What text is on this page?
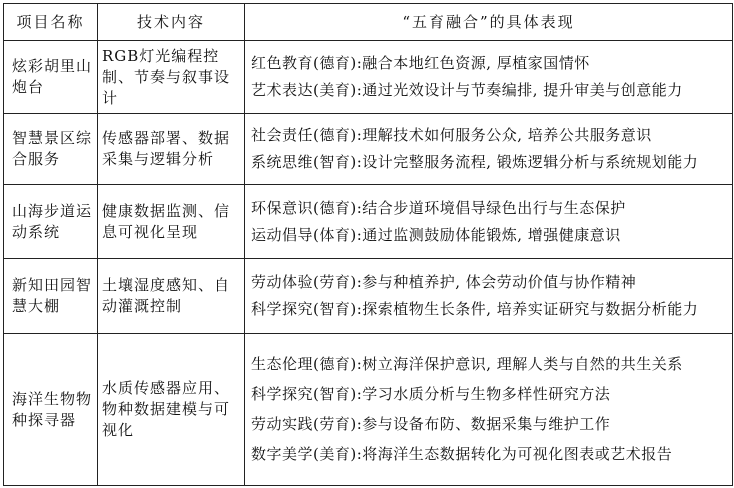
项目名称	技术内容	“五育融合”的具体表现
炫彩胡里山炮台	RGB灯光编程控制、节奏与叙事设计	红色教育(德育):融合本地红色资源, 厚植家国情怀
艺术表达(美育):通过光效设计与节奏编排, 提升审美与创意能力

智慧景区综合服务	传感器部署、数据采集与逻辑分析	社会责任(德育):理解技术如何服务公众, 培养公共服务意识
系统思维(智育):设计完整服务流程, 锻炼逻辑分析与系统规划能力

山海步道运动系统	健康数据监测、信息可视化呈现	环保意识(德育):结合步道环境倡导绿色出行与生态保护
运动倡导(体育):通过监测鼓励体能锻炼, 增强健康意识

新知田园智慧大棚	土壤湿度感知、自动灌溉控制	劳动体验(劳育):参与种植养护, 体会劳动价值与协作精神
科学探究(智育):探索植物生长条件, 培养实证研究与数据分析能力

海洋生物物种探寻器	水质传感器应用、物种数据建模与可视化	生态伦理(德育):树立海洋保护意识, 理解人类与自然的共生关系
科学探究(智育):学习水质分析与生物多样性研究方法
劳动实践(劳育):参与设备布防、数据采集与维护工作
数字美学(美育):将海洋生态数据转化为可视化图表或艺术报告
